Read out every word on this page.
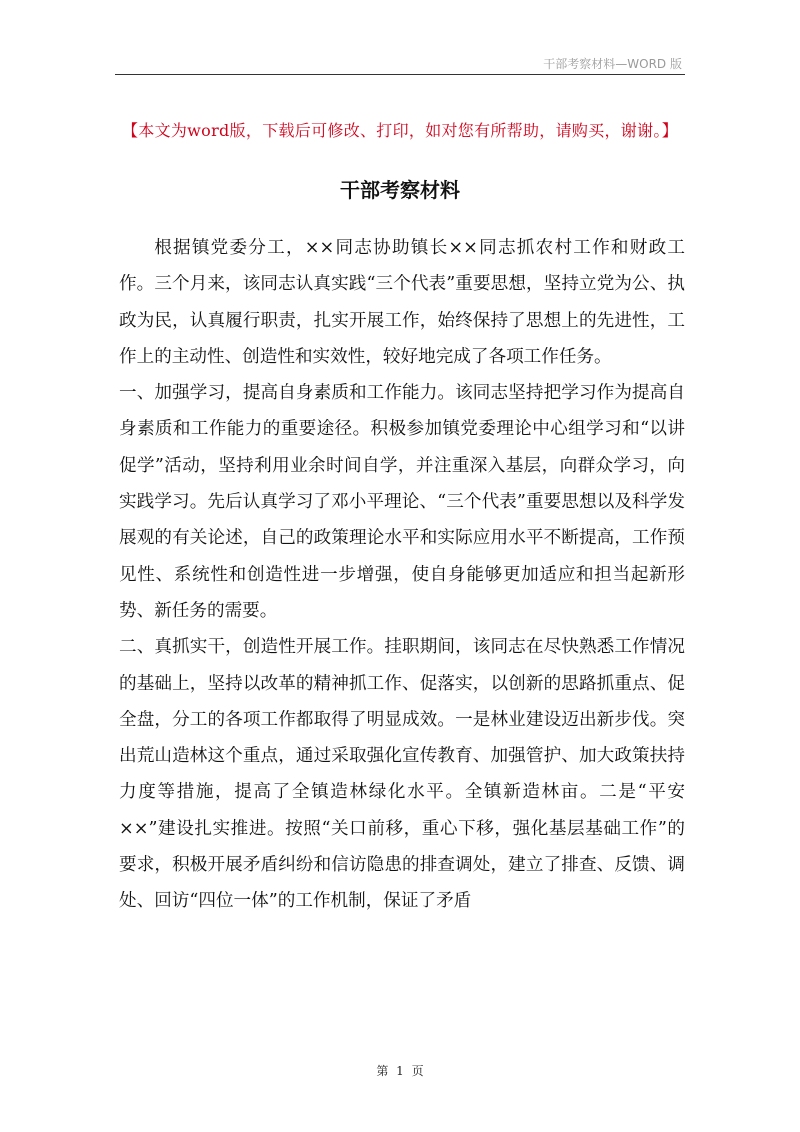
干部考察材料—WORD 版
【本文为word版，下载后可修改、打印，如对您有所帮助，请购买，谢谢。】
干部考察材料

根据镇党委分工，××同志协助镇长××同志抓农村工作和财政工作。三个月来，该同志认真实践“三个代表”重要思想，坚持立党为公、执政为民，认真履行职责，扎实开展工作，始终保持了思想上的先进性，工作上的主动性、创造性和实效性，较好地完成了各项工作任务。

一、加强学习，提高自身素质和工作能力。该同志坚持把学习作为提高自身素质和工作能力的重要途径。积极参加镇党委理论中心组学习和“以讲促学”活动，坚持利用业余时间自学，并注重深入基层，向群众学习，向实践学习。先后认真学习了邓小平理论、“三个代表”重要思想以及科学发展观的有关论述，自己的政策理论水平和实际应用水平不断提高，工作预见性、系统性和创造性进一步增强，使自身能够更加适应和担当起新形势、新任务的需要。

二、真抓实干，创造性开展工作。挂职期间，该同志在尽快熟悉工作情况的基础上，坚持以改革的精神抓工作、促落实，以创新的思路抓重点、促全盘，分工的各项工作都取得了明显成效。一是林业建设迈出新步伐。突出荒山造林这个重点，通过采取强化宣传教育、加强管护、加大政策扶持力度等措施，提高了全镇造林绿化水平。全镇新造林亩。二是“平安××”建设扎实推进。按照“关口前移，重心下移，强化基层基础工作”的要求，积极开展矛盾纠纷和信访隐患的排查调处，建立了排查、反馈、调处、回访“四位一体”的工作机制，保证了矛盾

第 1 页
